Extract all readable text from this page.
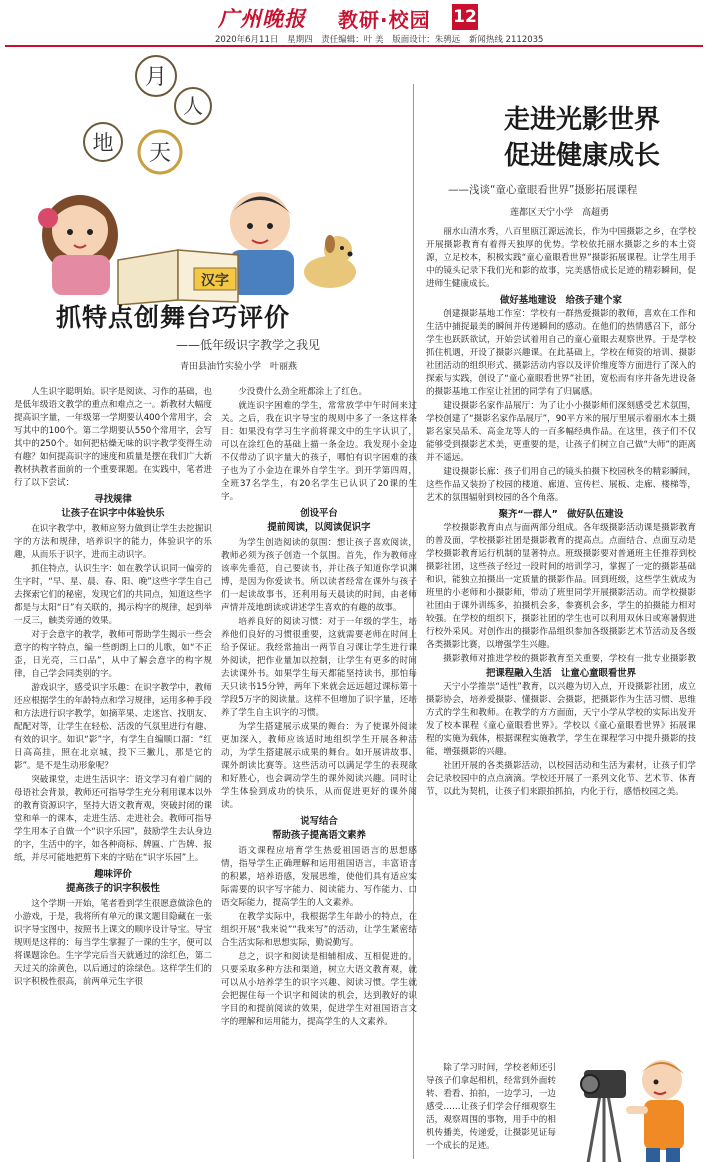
广州晚报 教研·校园 12
2020年6月11日 星期四 责任编辑：叶 美 版面设计：朱骋远 新闻热线 2112035
月
地 天
人
汉字
抓特点创舞台巧评价
——低年级识字教学之我见
青田县油竹实验小学　叶丽燕

人生识字聪明始。识字是阅读、习作的基础，也是低年级语文教学的重点和难点之一。新教材大幅度提高识字量，一年级第一学期要认400个常用字，会写其中的100个。第二学期要认550个常用字，会写其中的250个。如何把枯燥无味的识字教学变得生动有趣？如何提高识字的速度和质量是摆在我们广大新教材执教者面前的一个重要课题。在实践中，笔者进行了以下尝试：

寻找规律
让孩子在识字中体验快乐

在识字教学中，教师应努力做到让学生去挖掘识字的方法和规律，培养识字的能力，体验识字的乐趣，从而乐于识字，进而主动识字。

抓住特点，认识生字：如在教学认识同一偏旁的生字时，“早、星、晨、春、阳、晚”这些字学生自己去探索它们的秘密，发现它们的共同点，知道这些字都是与太阳“日”有关联的，揭示构字的规律，起到举一反三，触类旁通的效果。

对于会意字的教学，教师可帮助学生揭示一些会意字的构字特点，编一些朗朗上口的儿歌，如“不正歪，日光亮，三口品”，从中了解会意字的构字规律，自己学会同类别的字。

游戏识字，感受识字乐趣：在识字教学中，教师还应根据学生的年龄特点和学习规律，运用多种手段和方法进行识字教学，如摘苹果、走迷宫、找朋友、配配对等，让学生在轻松、活泼的气氛里进行有趣、有效的识字。如识“影”字，有学生自编顺口溜：“红日高高挂，照在北京城，投下三撇儿，那是它的影”。是不是生动形象呢？

突破课堂，走进生活识字：语文学习有着广阔的母语社会背景，教师还可指导学生充分利用课本以外的教育资源识字，坚持大语文教育观，突破封闭的课堂和单一的课本，走进生活、走进社会。教师可指导学生用本子自做一个“识字乐园”，鼓励学生去认身边的字，生活中的字，如各种商标、牌匾、广告牌、报纸，并尽可能地把剪下来的字贴在“识字乐园”上。

趣味评价
提高孩子的识字积极性

这个学期一开始，笔者看到学生很愿意做涂色的小游戏，于是，我将所有单元的课文题目隐藏在一张识字导宝图中，按照书上课文的顺序设计导宝。导宝规则是这样的：每当学生掌握了一课的生字，便可以将课题涂色。生字学完后当天就通过的涂红色，第二天过关的涂黄色，以后通过的涂绿色。这样学生们的识字积极性很高，前两单元生字很

少没费什么劲全班都涂上了红色。

就连识字困难的学生，常常放学中午时间来过关。之后，我在识字导宝的规则中多了一条这样条目：如果没有学习生字前将课文中的生字认识了，可以在涂红色的基础上描一条金边。我发现小金边不仅带动了识字量大的孩子，哪怕有识字困难的孩子也为了小金边在课外自学生字。到开学第四周，全班37名学生，有20名学生已认识了20课的生字。

创设平台
提前阅读，以阅读促识字

为学生创造阅读的氛围：想让孩子喜欢阅读，教师必须为孩子创造一个氛围。首先，作为教师应该率先垂范，自己要读书，并让孩子知道你学识渊博，是因为你爱读书。所以读者经常在课外与孩子们一起读故事书，还利用每天晨读的时间，由老师声情并茂地朗读或讲述学生喜欢的有趣的故事。

培养良好的阅读习惯：对于一年级的学生，培养他们良好的习惯很重要，这就需要老师在时间上给予保证。我经常抽出一两节自习课让学生进行课外阅读，把作业量加以控制，让学生有更多的时间去读课外书。如果学生每天都能坚持读书，那怕每天只读书15分钟，两年下来就会远远超过课标第一学段5万字的阅读量。这样不但增加了识字量，还培养了学生自主识字的习惯。

为学生搭建展示成果的舞台：为了使课外阅读更加深入，教师应该适时地组织学生开展各种活动，为学生搭建展示成果的舞台。如开展讲故事、课外朗读比赛等。这些活动可以满足学生的表现欲和好胜心，也会调动学生的课外阅读兴趣。同时让学生体验到成功的快乐，从而促进更好的课外阅读。

说写结合
帮助孩子提高语文素养

语文课程应培育学生热爱祖国语言的思想感情，指导学生正确理解和运用祖国语言，丰富语言的积累，培养语感，发展思维，使他们具有适应实际需要的识字写字能力、阅读能力、写作能力、口语交际能力，提高学生的人文素养。

在教学实际中，我根据学生年龄小的特点，在组织开展“我来说”“我来写”的活动，让学生紧密结合生活实际和思想实际，勤说勤写。

总之，识字和阅读是相辅相成、互相促进的。只要采取多种方法和渠道，树立大语文教育观，就可以从小培养学生的识字兴趣、阅读习惯。学生就会把握住每一个识字和阅读的机会，达到教好的识字目的和提前阅读的效果，促进学生对祖国语言文字的理解和运用能力，提高学生的人文素养。

走进光影世界
促进健康成长
——浅谈“童心童眼看世界”摄影拓展课程
莲都区天宁小学　高超勇

丽水山清水秀，八百里瓯江源远流长，作为中国摄影之乡，在学校开展摄影教育有着得天独厚的优势。学校依托丽水摄影之乡的本土资源，立足校本，积极实践“童心童眼看世界”摄影拓展课程。让学生用手中的镜头记录下我们光和影的故事，完美感悟成长足迹的精彩瞬间，促进师生健康成长。

做好基地建设　给孩子建个家

创建摄影基地工作室：学校有一群热爱摄影的教师，喜欢在工作和生活中捕捉最美的瞬间并传递瞬间的感动。在他们的热情感召下，部分学生也跃跃欲试，开始尝试着用自己的童心童眼去观察世界。于是学校抓住机遇，开设了摄影兴趣课。在此基础上，学校在师资的培训、摄影社团活动的组织形式、摄影活动内容以及评价维度等方面进行了深入的探索与实践，创设了“童心童眼看世界”社团，宽松而有序并备先进设备的摄影基地工作室让社团的同学有了归属感。

建设摄影名家作品展厅：为了让小小摄影师们深刻感受艺术氛围，学校创建了“摄影名家作品展厅”，90平方米的展厅里展示着丽水本土摄影名家吴品禾、高金龙等人的一百多幅经典作品。在这里，孩子们不仅能够受到摄影艺术美，更重要的是，让孩子们树立自己做“大师”的距离并不遥远。

建设摄影长廊：孩子们用自己的镜头拍摄下校园秋冬的精彩瞬间，这些作品又装扮了校园的楼道、廊道、宣传栏、展板、走廊、楼梯等，艺术的氛围辐射到校园的各个角落。

聚齐“一群人”　做好队伍建设

学校摄影教育由点与面两部分组成。各年级摄影活动课是摄影教育的普及面，学校摄影社团是摄影教育的提高点。点面结合、点面互动是学校摄影教育运行机制的显著特点。班级摄影要对普通班主任推荐到校摄影社团，这些孩子经过一段时间的培训学习，掌握了一定的摄影基础和识，能独立拍摄出一定质量的摄影作品。回到班级，这些学生就成为班里的小老师和小摄影师，带动了班里同学开展摄影活动。而学校摄影社团由于课外训练多，拍摄机会多，参赛机会多，学生的拍摄能力相对较强。在学校的组织下，摄影社团的学生也可以利用双休日或寒暑假进行校外采风。对创作出的摄影作品组织参加各级摄影艺术节活动及各级各类摄影比赛，以增强学生兴趣。

摄影教师对推进学校的摄影教育至关重要，学校有一批专业摄影教

把课程融入生活　让童心童眼看世界

天宁小学推崇“适性”教育，以兴趣为切入点，开设摄影社团，成立摄影协会，培养爱摄影、懂摄影、会摄影，把摄影作为生活习惯、思维方式的学生和教师。在教学的方方面面，天宁小学从学校的实际出发开发了校本课程《童心童眼看世界》。学校以《童心童眼看世界》拓展课程的实施为载体，根据课程实施教学，学生在课程学习中提升摄影的技能，增强摄影的兴趣。

社团开展的各类摄影活动，以校园活动和生活为素材，让孩子们学会记录校园中的点点滴滴。学校还开展了一系列文化节、艺术节、体育节，以此为契机，让孩子们来跟拍抓拍，内化于行，感悟校园之美。

除了学习时间，学校老师还引导孩子们拿起相机，经常到外面转转、看看、拍拍，一边学习，一边感受……让孩子们学会仔细观察生活，观察周围的事物，用手中的相机传播美，传递爱，让摄影见证每一个成长的足迹。
